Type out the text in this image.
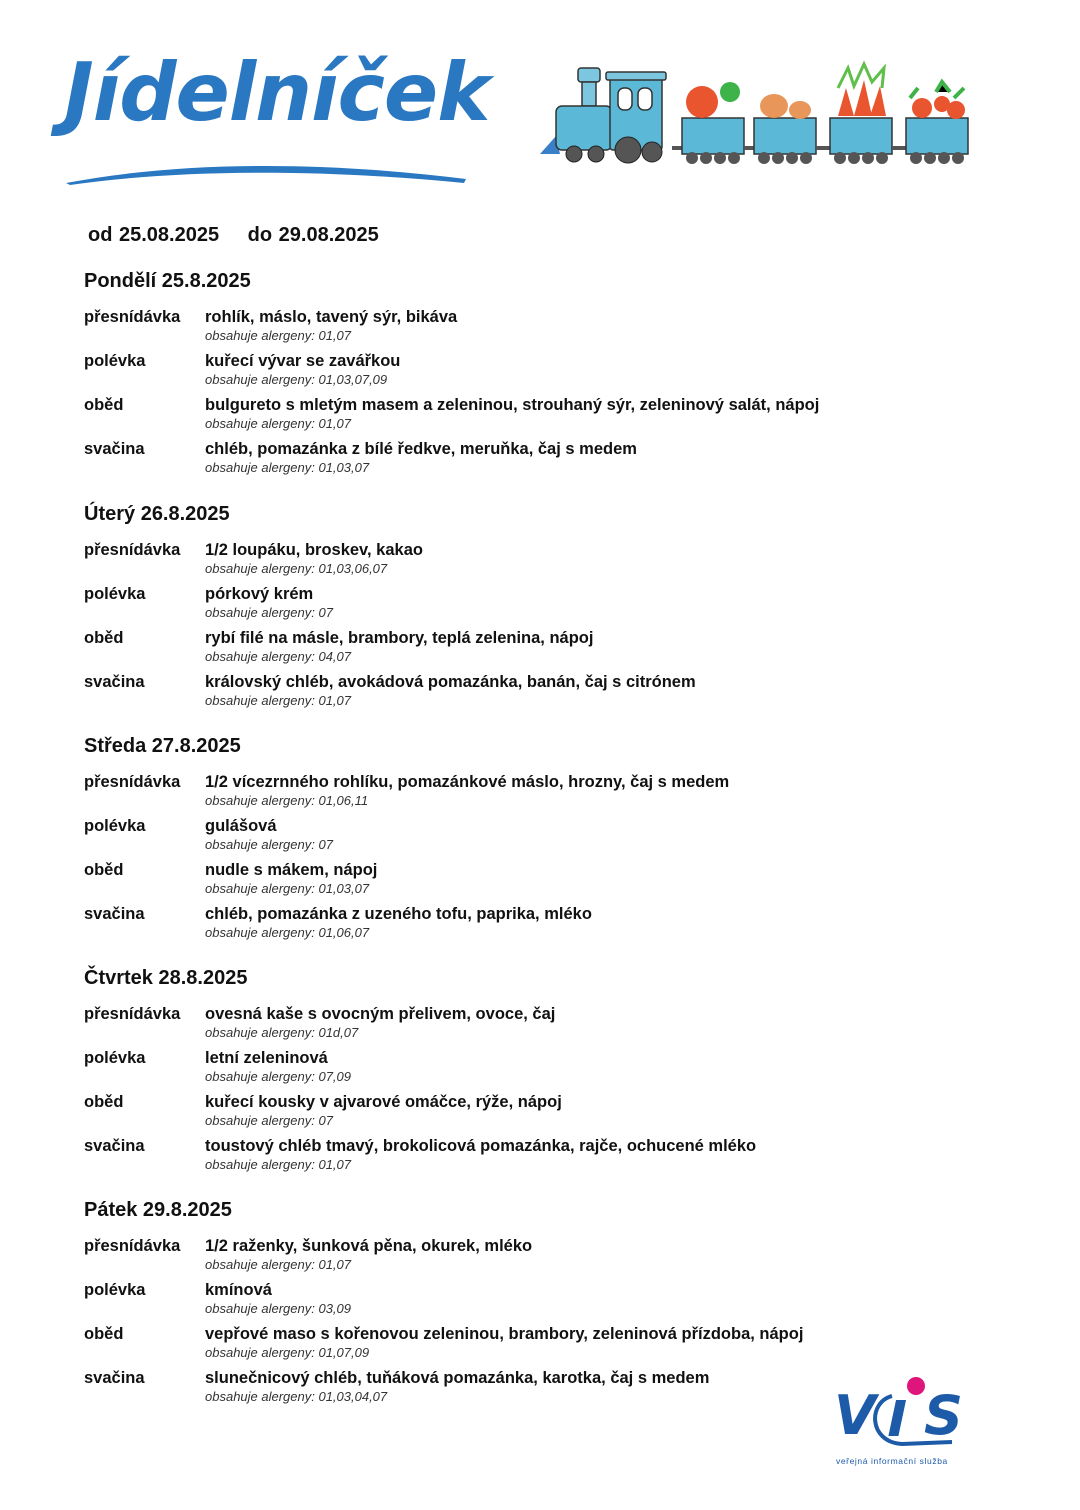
Jídelníček
od 25.08.2025 do 29.08.2025
Pondělí 25.8.2025
přesnídávka	rohlík, máslo, tavený sýr, bikáva
obsahuje alergeny: 01,07
polévka	kuřecí vývar se zavářkou
obsahuje alergeny: 01,03,07,09
oběd	bulgureto s mletým masem a zeleninou, strouhaný sýr, zeleninový salát, nápoj
obsahuje alergeny: 01,07
svačina	chléb, pomazánka z bílé ředkve, meruňka, čaj s medem
obsahuje alergeny: 01,03,07
Úterý 26.8.2025
přesnídávka	1/2 loupáku, broskev, kakao
obsahuje alergeny: 01,03,06,07
polévka	pórkový krém
obsahuje alergeny: 07
oběd	rybí filé na másle, brambory, teplá zelenina, nápoj
obsahuje alergeny: 04,07
svačina	královský chléb, avokádová pomazánka, banán, čaj s citrónem
obsahuje alergeny: 01,07
Středa 27.8.2025
přesnídávka	1/2 vícezrnného rohlíku, pomazánkové máslo, hrozny, čaj s medem
obsahuje alergeny: 01,06,11
polévka	gulášová
obsahuje alergeny: 07
oběd	nudle s mákem, nápoj
obsahuje alergeny: 01,03,07
svačina	chléb, pomazánka z uzeného tofu, paprika, mléko
obsahuje alergeny: 01,06,07
Čtvrtek 28.8.2025
přesnídávka	ovesná kaše s ovocným přelivem, ovoce, čaj
obsahuje alergeny: 01d,07
polévka	letní zeleninová
obsahuje alergeny: 07,09
oběd	kuřecí kousky v ajvarové omáčce, rýže, nápoj
obsahuje alergeny: 07
svačina	toustový chléb tmavý, brokolicová pomazánka, rajče, ochucené mléko
obsahuje alergeny: 01,07
Pátek 29.8.2025
přesnídávka	1/2 raženky, šunková pěna, okurek, mléko
obsahuje alergeny: 01,07
polévka	kmínová
obsahuje alergeny: 03,09
oběd	vepřové maso s kořenovou zeleninou, brambory, zeleninová přízdoba, nápoj
obsahuje alergeny: 01,07,09
svačina	slunečnicový chléb, tuňáková pomazánka, karotka, čaj s medem
obsahuje alergeny: 01,03,04,07	V S
veřejná informační služba
